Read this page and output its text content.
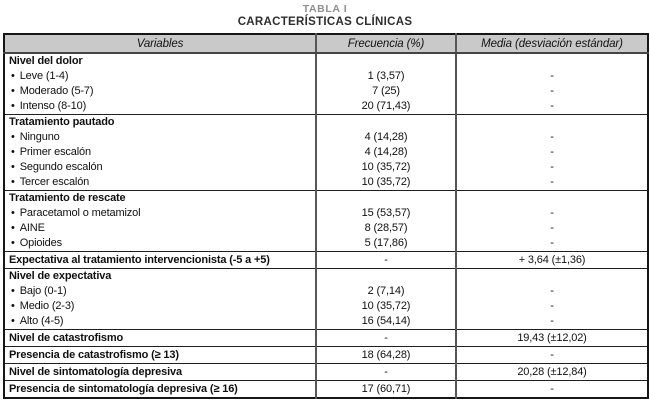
TABLA I
CARACTERÍSTICAS CLÍNICAS
Variables	Frecuencia (%)	Media (desviación estándar)
Nivel del dolor		
• Leve (1-4)	1 (3,57)	-
• Moderado (5-7)	7 (25)	-
• Intenso (8-10)	20 (71,43)	-
Tratamiento pautado		
• Ninguno	4 (14,28)	-
• Primer escalón	4 (14,28)	-
• Segundo escalón	10 (35,72)	-
• Tercer escalón	10 (35,72)	-
Tratamiento de rescate		
• Paracetamol o metamizol	15 (53,57)	-
• AINE	8 (28,57)	-
• Opioides	5 (17,86)	-
Expectativa al tratamiento intervencionista (-5 a +5)	-	+ 3,64 (±1,36)
Nivel de expectativa		
• Bajo (0-1)	2 (7,14)	-
• Medio (2-3)	10 (35,72)	-
• Alto (4-5)	16 (54,14)	-
Nivel de catastrofismo	-	19,43 (±12,02)
Presencia de catastrofismo (≥ 13)	18 (64,28)	-
Nivel de sintomatología depresiva	-	20,28 (±12,84)
Presencia de sintomatología depresiva (≥ 16)	17 (60,71)	-
